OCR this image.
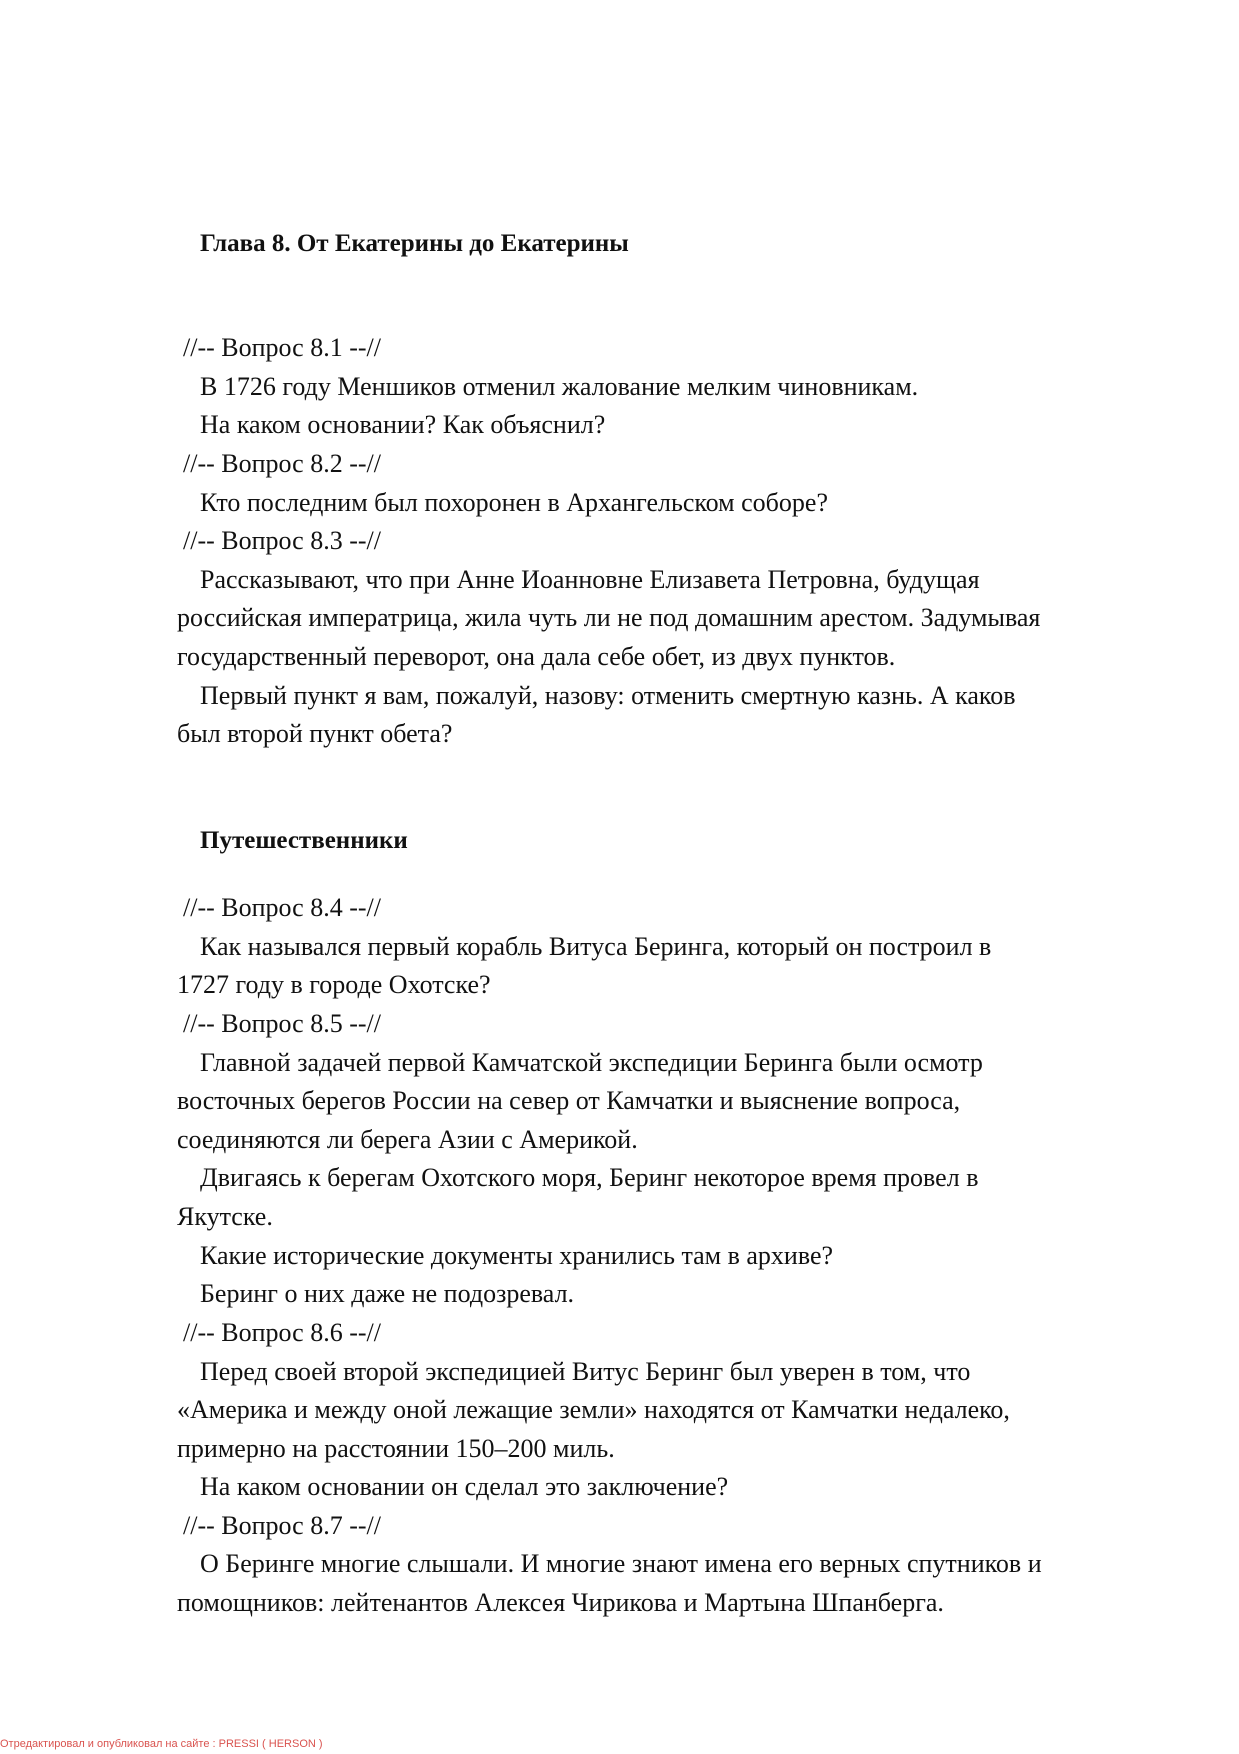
Глава 8. От Екатерины до Екатерины
//-- Вопрос 8.1 --//
В 1726 году Меншиков отменил жалование мелким чиновникам.
На каком основании? Как объяснил?
//-- Вопрос 8.2 --//
Кто последним был похоронен в Архангельском соборе?
//-- Вопрос 8.3 --//
Рассказывают, что при Анне Иоанновне Елизавета Петровна, будущая
российская императрица, жила чуть ли не под домашним арестом. Задумывая
государственный переворот, она дала себе обет, из двух пунктов.
Первый пункт я вам, пожалуй, назову: отменить смертную казнь. А каков
был второй пункт обета?
Путешественники
//-- Вопрос 8.4 --//
Как назывался первый корабль Витуса Беринга, который он построил в
1727 году в городе Охотске?
//-- Вопрос 8.5 --//
Главной задачей первой Камчатской экспедиции Беринга были осмотр
восточных берегов России на север от Камчатки и выяснение вопроса,
соединяются ли берега Азии с Америкой.
Двигаясь к берегам Охотского моря, Беринг некоторое время провел в
Якутске.
Какие исторические документы хранились там в архиве?
Беринг о них даже не подозревал.
//-- Вопрос 8.6 --//
Перед своей второй экспедицией Витус Беринг был уверен в том, что
«Америка и между оной лежащие земли» находятся от Камчатки недалеко,
примерно на расстоянии 150–200 миль.
На каком основании он сделал это заключение?
//-- Вопрос 8.7 --//
О Беринге многие слышали. И многие знают имена его верных спутников и
помощников: лейтенантов Алексея Чирикова и Мартына Шпанберга.
Отредактировал и опубликовал на сайте : PRESSI ( HERSON )
